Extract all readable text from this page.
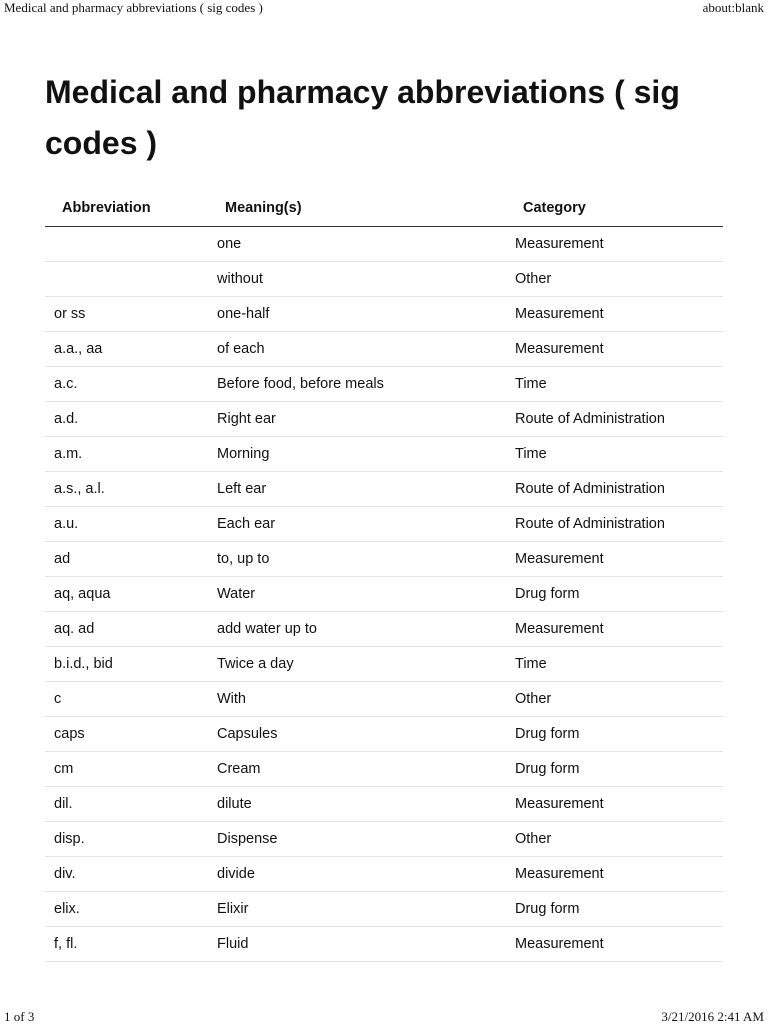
Medical and pharmacy abbreviations ( sig codes )	about:blank
Medical and pharmacy abbreviations ( sig codes )
Abbreviation	Meaning(s)	Category
	one	Measurement
	without	Other
or ss	one-half	Measurement
a.a., aa	of each	Measurement
a.c.	Before food, before meals	Time
a.d.	Right ear	Route of Administration
a.m.	Morning	Time
a.s., a.l.	Left ear	Route of Administration
a.u.	Each ear	Route of Administration
ad	to, up to	Measurement
aq, aqua	Water	Drug form
aq. ad	add water up to	Measurement
b.i.d., bid	Twice a day	Time
c	With	Other
caps	Capsules	Drug form
cm	Cream	Drug form
dil.	dilute	Measurement
disp.	Dispense	Other
div.	divide	Measurement
elix.	Elixir	Drug form
f, fl.	Fluid	Measurement
1 of 3	3/21/2016 2:41 AM
